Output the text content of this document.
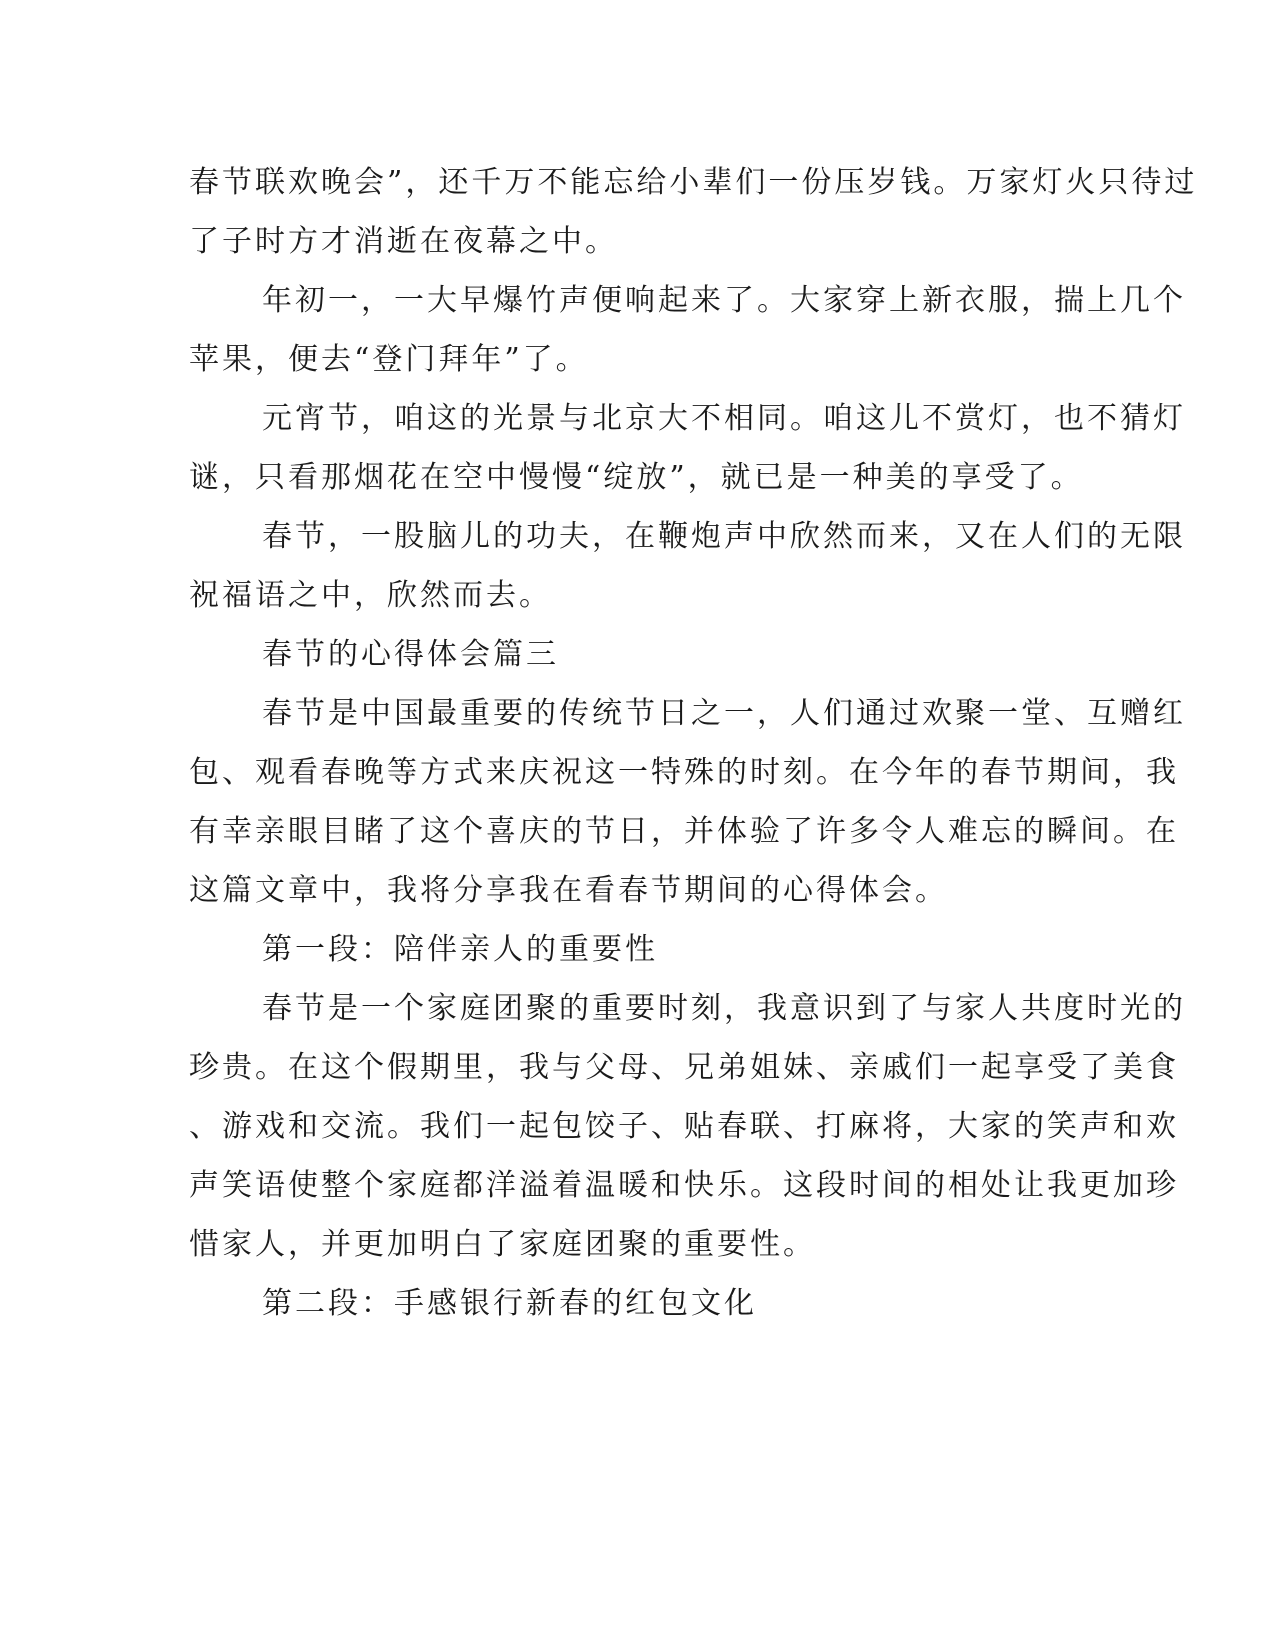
春节联欢晚会”，还千万不能忘给小辈们一份压岁钱。万家灯火只待过
了子时方才消逝在夜幕之中。
年初一，一大早爆竹声便响起来了。大家穿上新衣服，揣上几个
苹果，便去“登门拜年”了。
元宵节，咱这的光景与北京大不相同。咱这儿不赏灯，也不猜灯
谜，只看那烟花在空中慢慢“绽放”，就已是一种美的享受了。
春节，一股脑儿的功夫，在鞭炮声中欣然而来，又在人们的无限
祝福语之中，欣然而去。
春节的心得体会篇三
春节是中国最重要的传统节日之一，人们通过欢聚一堂、互赠红
包、观看春晚等方式来庆祝这一特殊的时刻。在今年的春节期间，我
有幸亲眼目睹了这个喜庆的节日，并体验了许多令人难忘的瞬间。在
这篇文章中，我将分享我在看春节期间的心得体会。
第一段：陪伴亲人的重要性
春节是一个家庭团聚的重要时刻，我意识到了与家人共度时光的
珍贵。在这个假期里，我与父母、兄弟姐妹、亲戚们一起享受了美食
、游戏和交流。我们一起包饺子、贴春联、打麻将，大家的笑声和欢
声笑语使整个家庭都洋溢着温暖和快乐。这段时间的相处让我更加珍
惜家人，并更加明白了家庭团聚的重要性。
第二段：手感银行新春的红包文化
